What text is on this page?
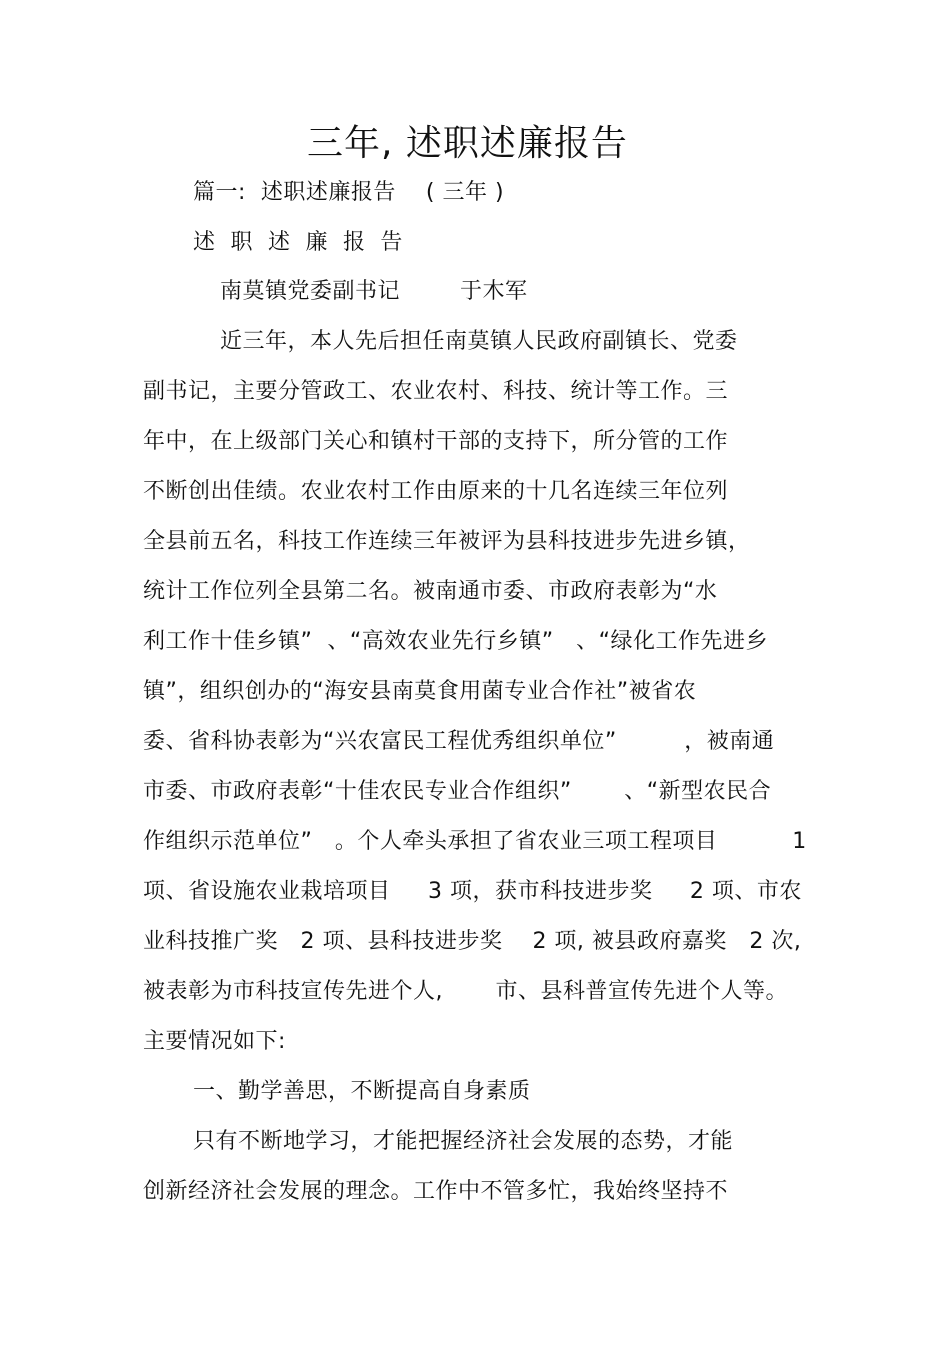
三年, 述职述廉报告
篇一:  述职述廉报告    ( 三年 )
述  职  述  廉  报  告
南莫镇党委副书记        于木军
近三年，本人先后担任南莫镇人民政府副镇长、党委
副书记，主要分管政工、农业农村、科技、统计等工作。三
年中，在上级部门关心和镇村干部的支持下，所分管的工作
不断创出佳绩。农业农村工作由原来的十几名连续三年位列
全县前五名，科技工作连续三年被评为县科技进步先进乡镇，
统计工作位列全县第二名。被南通市委、市政府表彰为“水
利工作十佳乡镇”  、“高效农业先行乡镇”   、“绿化工作先进乡
镇”，组织创办的“海安县南莫食用菌专业合作社”被省农
委、省科协表彰为“兴农富民工程优秀组织单位”         ，被南通
市委、市政府表彰“十佳农民专业合作组织”       、“新型农民合
作组织示范单位”   。个人牵头承担了省农业三项工程项目          1
项、省设施农业栽培项目     3 项，获市科技进步奖     2 项、市农
业科技推广奖   2 项、县科技进步奖    2 项, 被县政府嘉奖   2 次,
被表彰为市科技宣传先进个人,       市、县科普宣传先进个人等。
主要情况如下:
一、勤学善思，不断提高自身素质
只有不断地学习，才能把握经济社会发展的态势，才能
创新经济社会发展的理念。工作中不管多忙，我始终坚持不
